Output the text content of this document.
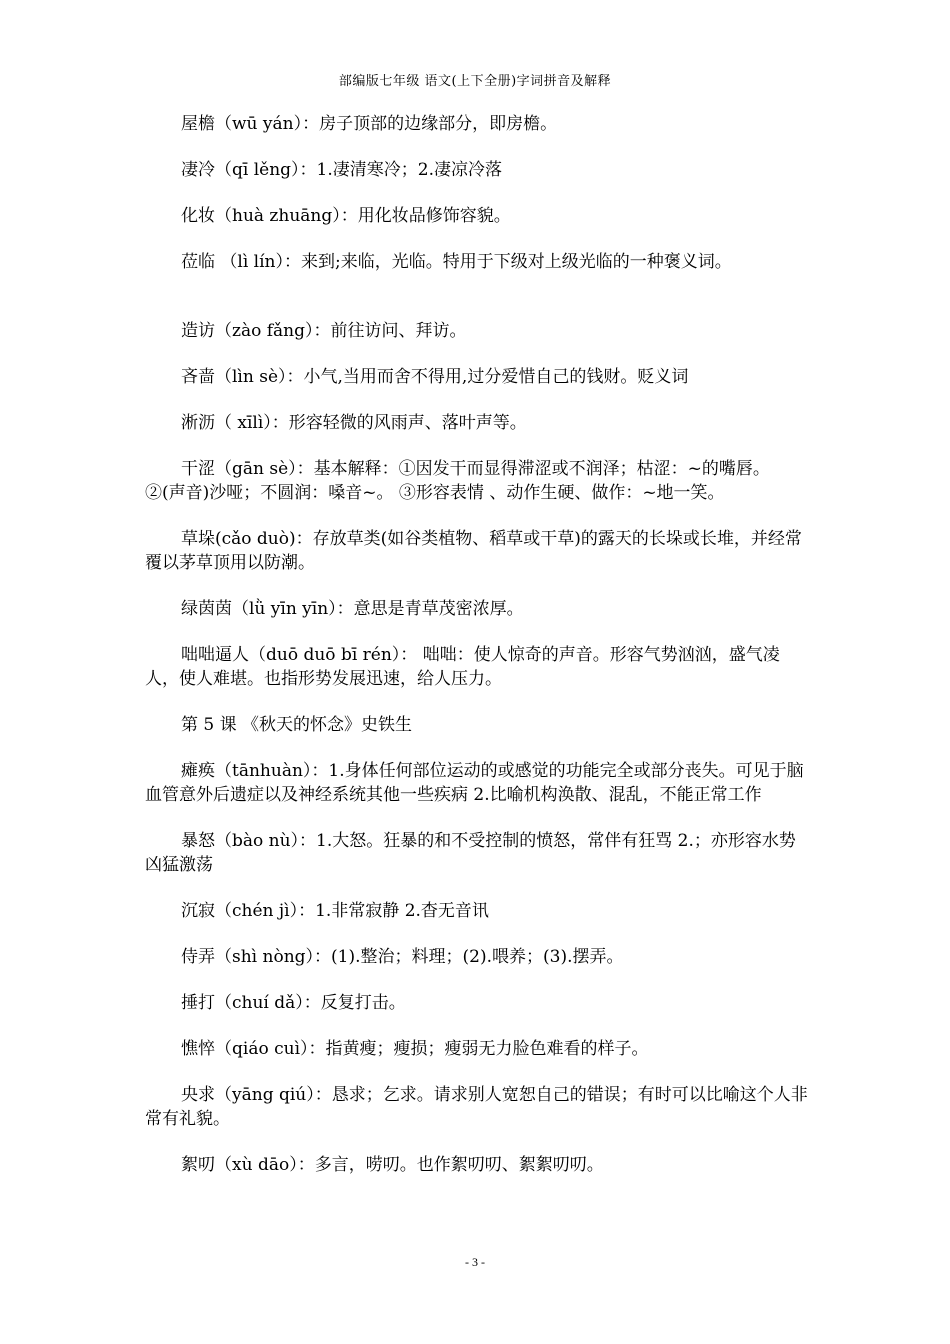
部编版七年级 语文(上下全册)字词拼音及解释

屋檐（wū yán）：房子顶部的边缘部分，即房檐。

凄冷（qī lěng）：1.凄清寒冷；2.凄凉冷落

化妆（huà zhuāng）：用化妆品修饰容貌。

莅临 （lì lín）：来到;来临，光临。特用于下级对上级光临的一种褒义词。

造访（zào fǎng）：前往访问、拜访。

吝啬（lìn sè）：小气,当用而舍不得用,过分爱惜自己的钱财。贬义词

淅沥（ xīlì）：形容轻微的风雨声、落叶声等。

干涩（gān sè）：基本解释：①因发干而显得滞涩或不润泽；枯涩：~的嘴唇。②(声音)沙哑；不圆润：嗓音~。 ③形容表情 、动作生硬、做作：~地一笑。

草垛(cǎo duò)：存放草类(如谷类植物、稻草或干草)的露天的长垛或长堆，并经常覆以茅草顶用以防潮。

绿茵茵（lǜ yīn yīn）：意思是青草茂密浓厚。

咄咄逼人（duō duō bī rén）： 咄咄：使人惊奇的声音。形容气势汹汹，盛气凌人，使人难堪。也指形势发展迅速，给人压力。

第 5 课 《秋天的怀念》史铁生

瘫痪（tānhuàn）：1.身体任何部位运动的或感觉的功能完全或部分丧失。可见于脑血管意外后遗症以及神经系统其他一些疾病 2.比喻机构涣散、混乱，不能正常工作

暴怒（bào nù）：1.大怒。狂暴的和不受控制的愤怒，常伴有狂骂 2.；亦形容水势凶猛激荡

沉寂（chén jì）：1.非常寂静 2.杳无音讯

侍弄（shì nòng）：(1).整治；料理；(2).喂养；(3).摆弄。

捶打（chuí dǎ）：反复打击。

憔悴（qiáo cuì）：指黄瘦；瘦损；瘦弱无力脸色难看的样子。

央求（yāng qiú）：恳求；乞求。请求别人宽恕自己的错误；有时可以比喻这个人非常有礼貌。

絮叨（xù dāo）：多言，唠叨。也作絮叨叨、絮絮叨叨。

- 3 -
